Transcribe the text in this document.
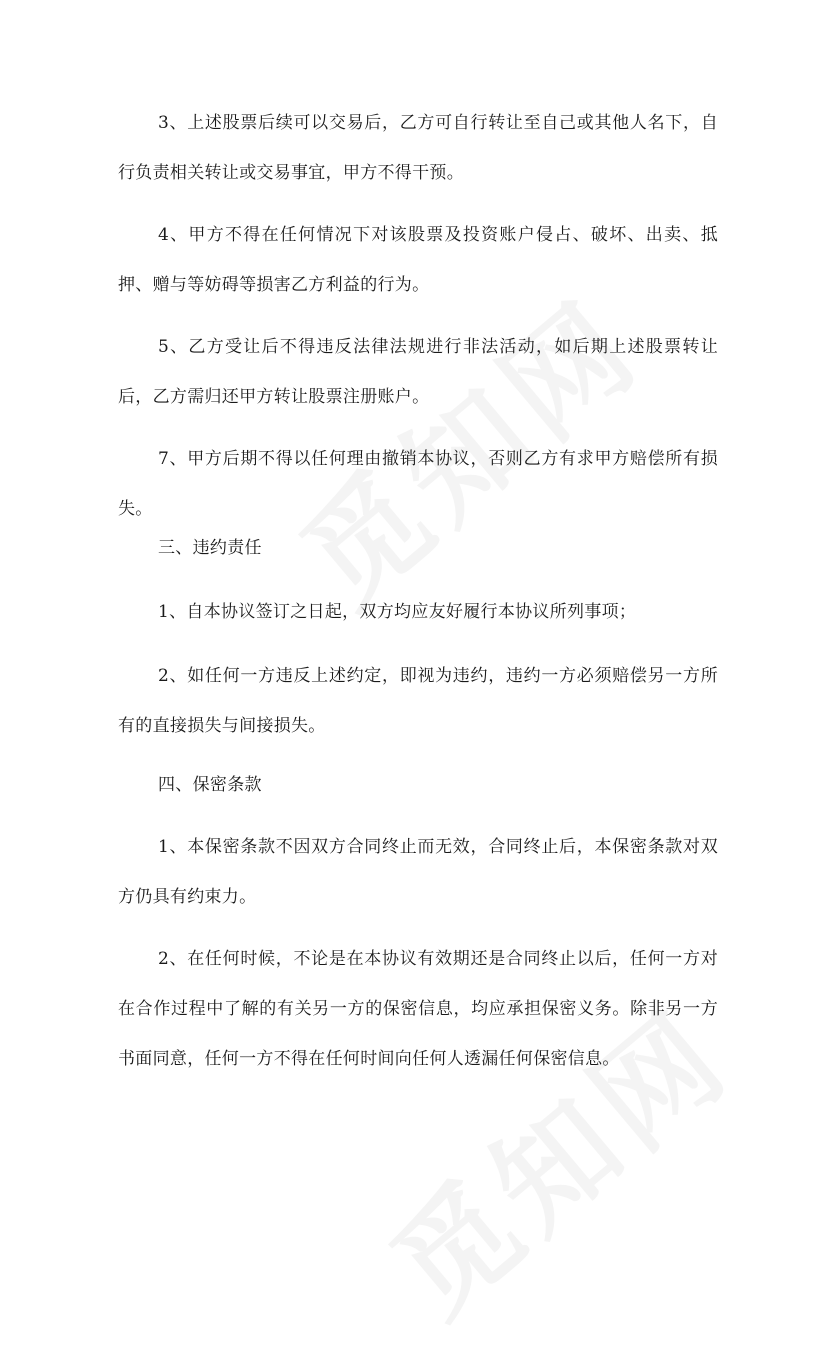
3、上述股票后续可以交易后，乙方可自行转让至自己或其他人名下，自行负责相关转让或交易事宜，甲方不得干预。

4、甲方不得在任何情况下对该股票及投资账户侵占、破坏、出卖、抵押、赠与等妨碍等损害乙方利益的行为。

5、乙方受让后不得违反法律法规进行非法活动，如后期上述股票转让后，乙方需归还甲方转让股票注册账户。

7、甲方后期不得以任何理由撤销本协议，否则乙方有求甲方赔偿所有损失。

三、违约责任

1、自本协议签订之日起，双方均应友好履行本协议所列事项；

2、如任何一方违反上述约定，即视为违约，违约一方必须赔偿另一方所有的直接损失与间接损失。

四、保密条款

1、本保密条款不因双方合同终止而无效，合同终止后，本保密条款对双方仍具有约束力。

2、在任何时候，不论是在本协议有效期还是合同终止以后，任何一方对在合作过程中了解的有关另一方的保密信息，均应承担保密义务。除非另一方书面同意，任何一方不得在任何时间向任何人透漏任何保密信息。
